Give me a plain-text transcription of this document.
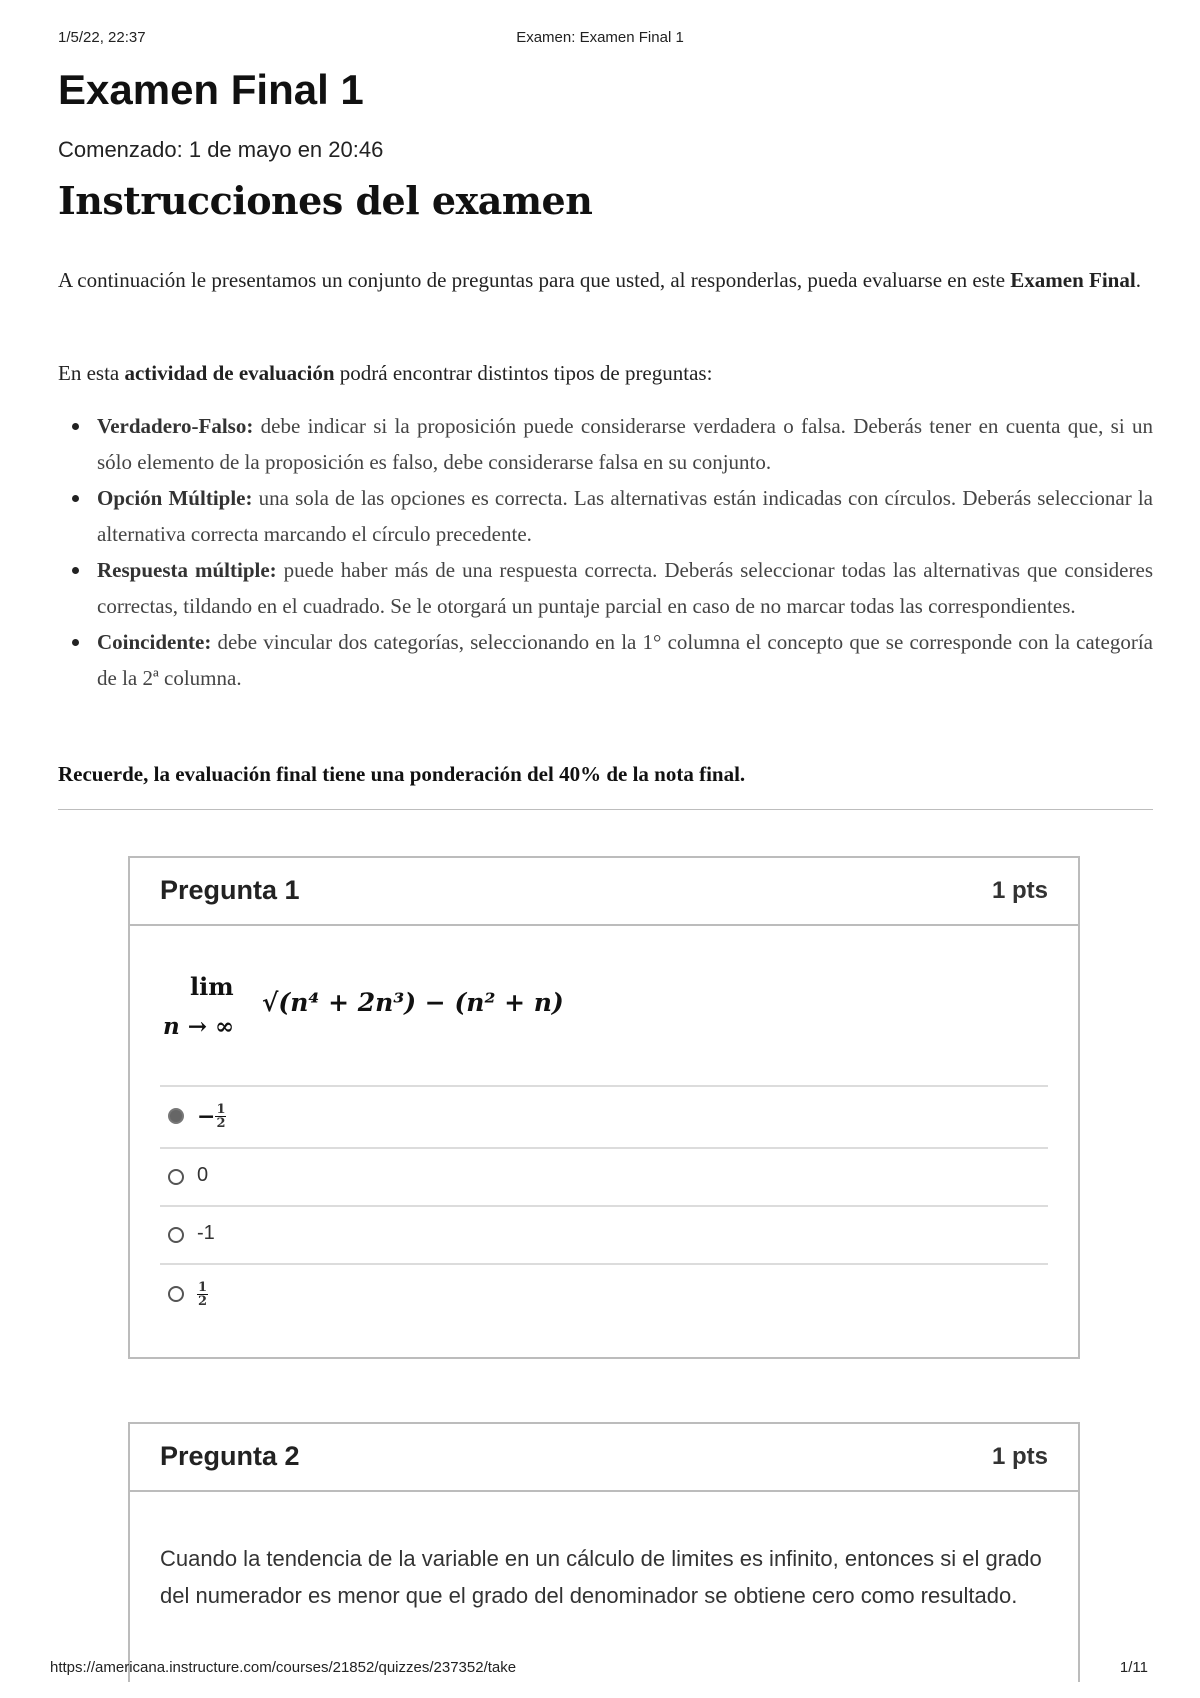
1/5/22, 22:37	Examen: Examen Final 1
Examen Final 1
Comenzado: 1 de mayo en 20:46
Instrucciones del examen
A continuación le presentamos un conjunto de preguntas para que usted, al responderlas, pueda evaluarse en este Examen Final.
En esta actividad de evaluación podrá encontrar distintos tipos de preguntas:
Verdadero-Falso: debe indicar si la proposición puede considerarse verdadera o falsa. Deberás tener en cuenta que, si un sólo elemento de la proposición es falso, debe considerarse falsa en su conjunto.
Opción Múltiple: una sola de las opciones es correcta. Las alternativas están indicadas con círculos. Deberás seleccionar la alternativa correcta marcando el círculo precedente.
Respuesta múltiple: puede haber más de una respuesta correcta. Deberás seleccionar todas las alternativas que consideres correctas, tildando en el cuadrado. Se le otorgará un puntaje parcial en caso de no marcar todas las correspondientes.
Coincidente: debe vincular dos categorías, seleccionando en la 1° columna el concepto que se corresponde con la categoría de la 2ª columna.
Recuerde, la evaluación final tiene una ponderación del 40% de la nota final.
Pregunta 1	1 pts
lim
n → ∞
√(n⁴ + 2n³) − (n² + n)
− $\frac{1}{2}$
0
-1
$\frac{1}{2}$
Pregunta 2	1 pts
Cuando la tendencia de la variable en un cálculo de limites es infinito, entonces si el grado del numerador es menor que el grado del denominador se obtiene cero como resultado.
https://americana.instructure.com/courses/21852/quizzes/237352/take	1/11
